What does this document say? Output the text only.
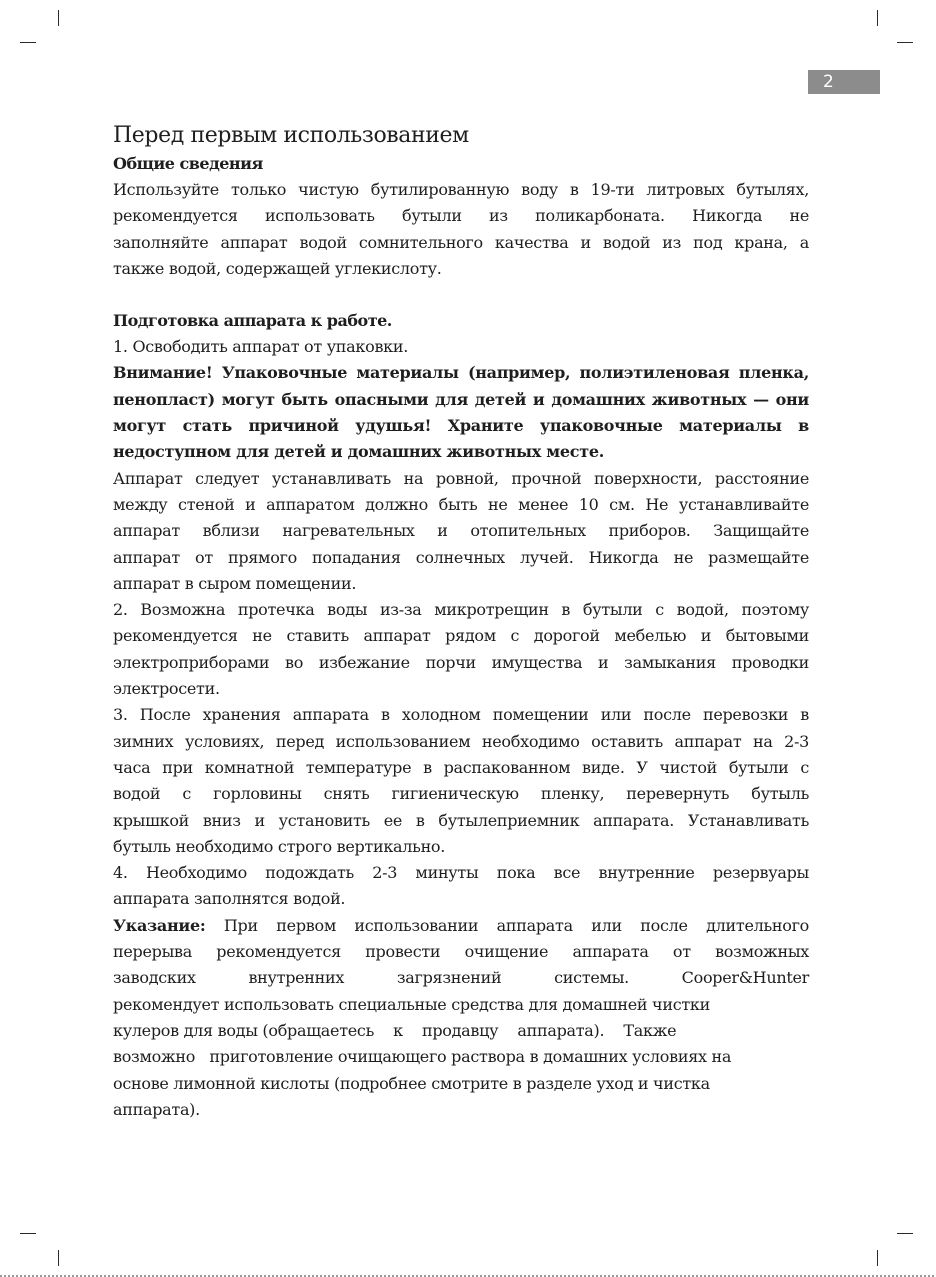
2
Перед первым использованием
Общие сведения
Используйте только чистую бутилированную воду в 19-ти литровых бутылях,
рекомендуется использовать бутыли из поликарбоната. Никогда не
заполняйте аппарат водой сомнительного качества и водой из под крана, а
также водой, содержащей углекислоту.
Подготовка аппарата к работе.
1. Освободить аппарат от упаковки.
Внимание! Упаковочные материалы (например, полиэтиленовая пленка,
пенопласт) могут быть опасными для детей и домашних животных — они
могут стать причиной удушья! Храните упаковочные материалы в
недоступном для детей и домашних животных месте.
Аппарат следует устанавливать на ровной, прочной поверхности, расстояние
между стеной и аппаратом должно быть не менее 10 см. Не устанавливайте
аппарат вблизи нагревательных и отопительных приборов. Защищайте
аппарат от прямого попадания солнечных лучей. Никогда не размещайте
аппарат в сыром помещении.
2. Возможна протечка воды из-за микротрещин в бутыли с водой, поэтому
рекомендуется не ставить аппарат рядом с дорогой мебелью и бытовыми
электроприборами во избежание порчи имущества и замыкания проводки
электросети.
3. После хранения аппарата в холодном помещении или после перевозки в
зимних условиях, перед использованием необходимо оставить аппарат на 2-3
часа при комнатной температуре в распакованном виде. У чистой бутыли с
водой с горловины снять гигиеническую пленку, перевернуть бутыль
крышкой вниз и установить ее в бутылеприемник аппарата. Устанавливать
бутыль необходимо строго вертикально.
4. Необходимо подождать 2-3 минуты пока все внутренние резервуары
аппарата заполнятся водой.
Указание: При первом использовании аппарата или после длительного
перерыва рекомендуется провести очищение аппарата от возможных
заводских внутренних загрязнений системы. Cooper&Hunter
рекомендует использовать специальные средства для домашней чистки
кулеров для воды (обращаетесь    к    продавцу    аппарата).    Также
возможно   приготовление очищающего раствора в домашних условиях на
основе лимонной кислоты (подробнее смотрите в разделе уход и чистка
аппарата).
